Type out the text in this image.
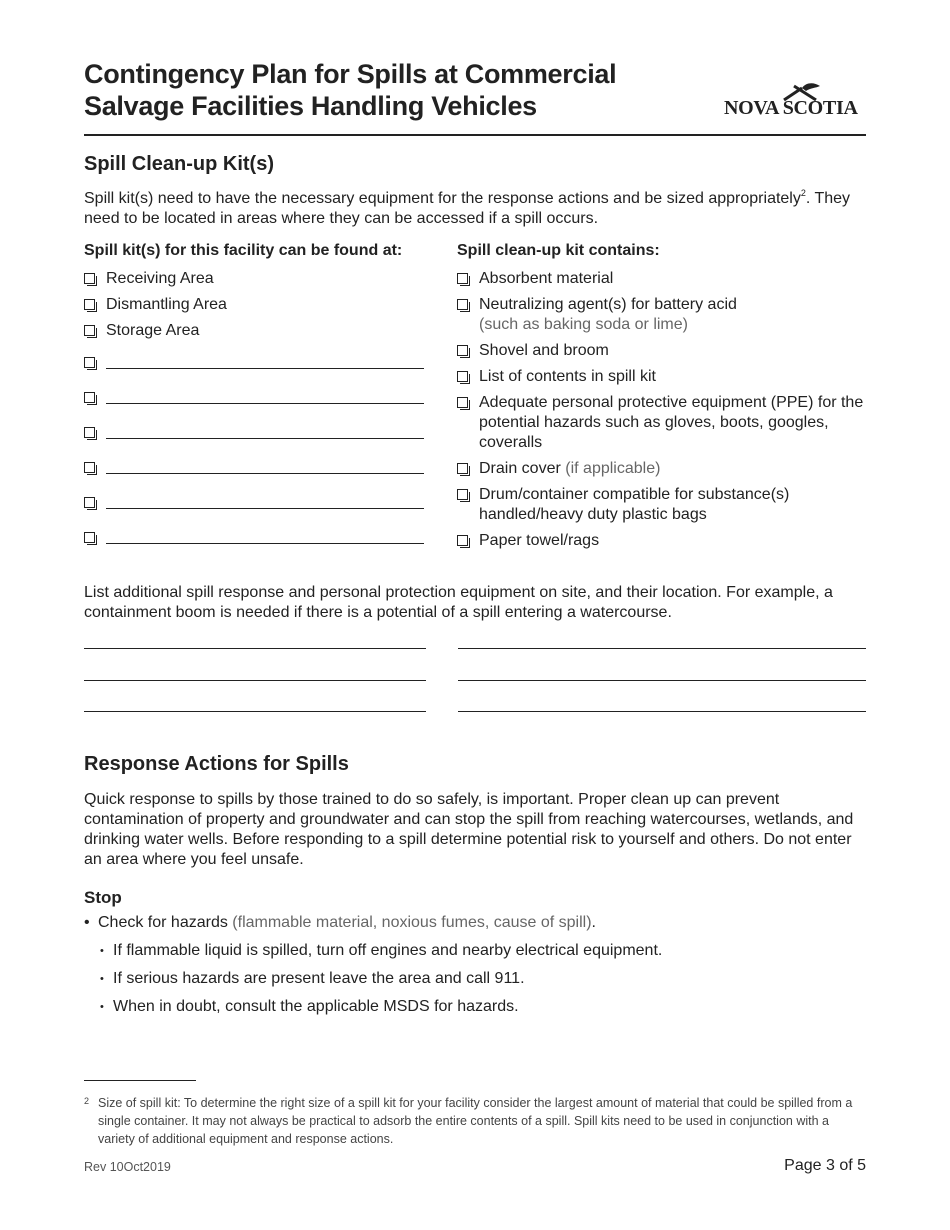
Contingency Plan for Spills at Commercial
Salvage Facilities Handling Vehicles	NOVA SCOTIA
Spill Clean-up Kit(s)

Spill kit(s) need to have the necessary equipment for the response actions and be sized appropriately$^2$. They need to be located in areas where they can be accessed if a spill occurs.

Spill kit(s) for this facility can be found at:
Receiving Area
Dismantling Area
Storage Area
Spill clean-up kit contains:
Absorbent material
Neutralizing agent(s) for battery acid
(such as baking soda or lime)
Shovel and broom
List of contents in spill kit
Adequate personal protective equipment (PPE) for the potential hazards such as gloves, boots, googles, coveralls
Drain cover (if applicable)
Drum/container compatible for substance(s) handled/heavy duty plastic bags
Paper towel/rags

List additional spill response and personal protection equipment on site, and their location. For example, a containment boom is needed if there is a potential of a spill entering a watercourse.

Response Actions for Spills

Quick response to spills by those trained to do so safely, is important. Proper clean up can prevent contamination of property and groundwater and can stop the spill from reaching watercourses, wetlands, and drinking water wells. Before responding to a spill determine potential risk to yourself and others. Do not enter an area where you feel unsafe.

Stop
• Check for hazards (flammable material, noxious fumes, cause of spill).
• If flammable liquid is spilled, turn off engines and nearby electrical equipment.
• If serious hazards are present leave the area and call 911.
• When in doubt, consult the applicable MSDS for hazards.
2 Size of spill kit: To determine the right size of a spill kit for your facility consider the largest amount of material that could be spilled from a single container. It may not always be practical to adsorb the entire contents of a spill. Spill kits need to be used in conjunction with a variety of additional equipment and response actions.
Rev 10Oct2019	Page 3 of 5
